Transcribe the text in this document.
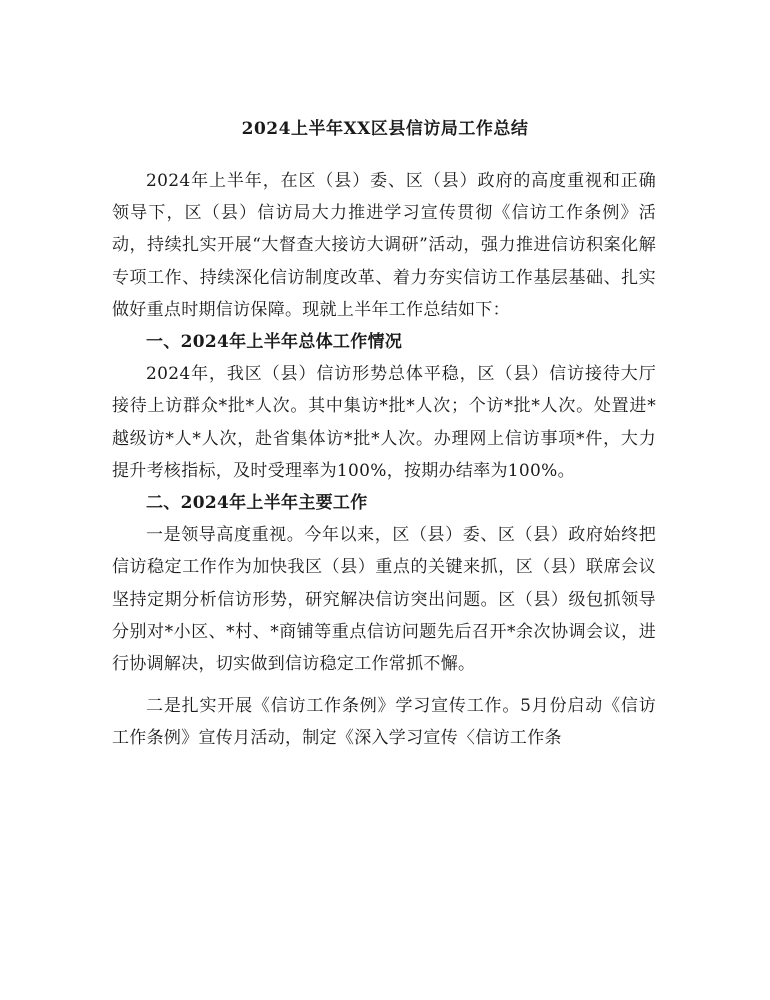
2024上半年XX区县信访局工作总结

2024年上半年，在区（县）委、区（县）政府的高度重视和正确领导下，区（县）信访局大力推进学习宣传贯彻《信访工作条例》活动，持续扎实开展“大督查大接访大调研”活动，强力推进信访积案化解专项工作、持续深化信访制度改革、着力夯实信访工作基层基础、扎实做好重点时期信访保障。现就上半年工作总结如下：

一、2024年上半年总体工作情况

2024年，我区（县）信访形势总体平稳，区（县）信访接待大厅接待上访群众*批*人次。其中集访*批*人次；个访*批*人次。处置进*越级访*人*人次，赴省集体访*批*人次。办理网上信访事项*件，大力提升考核指标，及时受理率为100%，按期办结率为100%。

二、2024年上半年主要工作

一是领导高度重视。今年以来，区（县）委、区（县）政府始终把信访稳定工作作为加快我区（县）重点的关键来抓，区（县）联席会议坚持定期分析信访形势，研究解决信访突出问题。区（县）级包抓领导分别对*小区、*村、*商铺等重点信访问题先后召开*余次协调会议，进行协调解决，切实做到信访稳定工作常抓不懈。

二是扎实开展《信访工作条例》学习宣传工作。5月份启动《信访工作条例》宣传月活动，制定《深入学习宣传〈信访工作条
